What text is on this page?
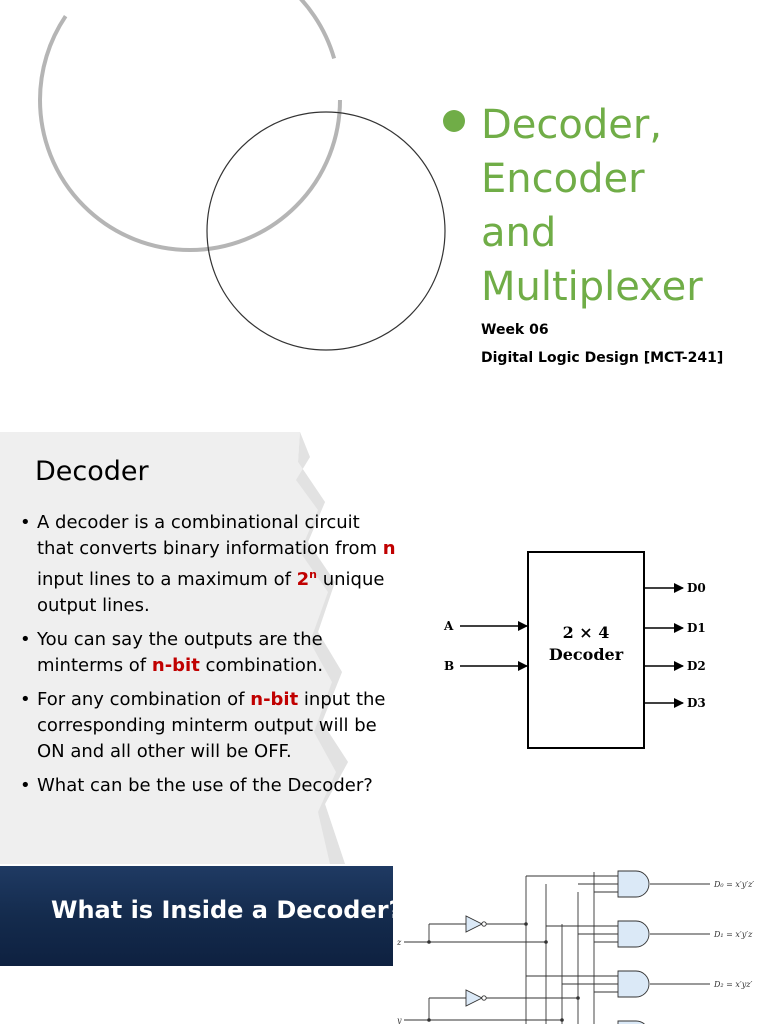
Decoder,
Encoder
and
Multiplexer
Week 06
Digital Logic Design [MCT-241]
Decoder
• A decoder is a combinational circuit that converts binary information from n input lines to a maximum of 2$^n$ unique output lines.
• You can say the outputs are the minterms of n-bit combination.
• For any combination of n-bit input the corresponding minterm output will be ON and all other will be OFF.
• What can be the use of the Decoder?
2 × 4
Decoder
A
B
D0
D1
D2
D3
What is Inside a Decoder?
z
y
D₀ = x′y′z′
D₁ = x′y′z
D₂ = x′yz′
